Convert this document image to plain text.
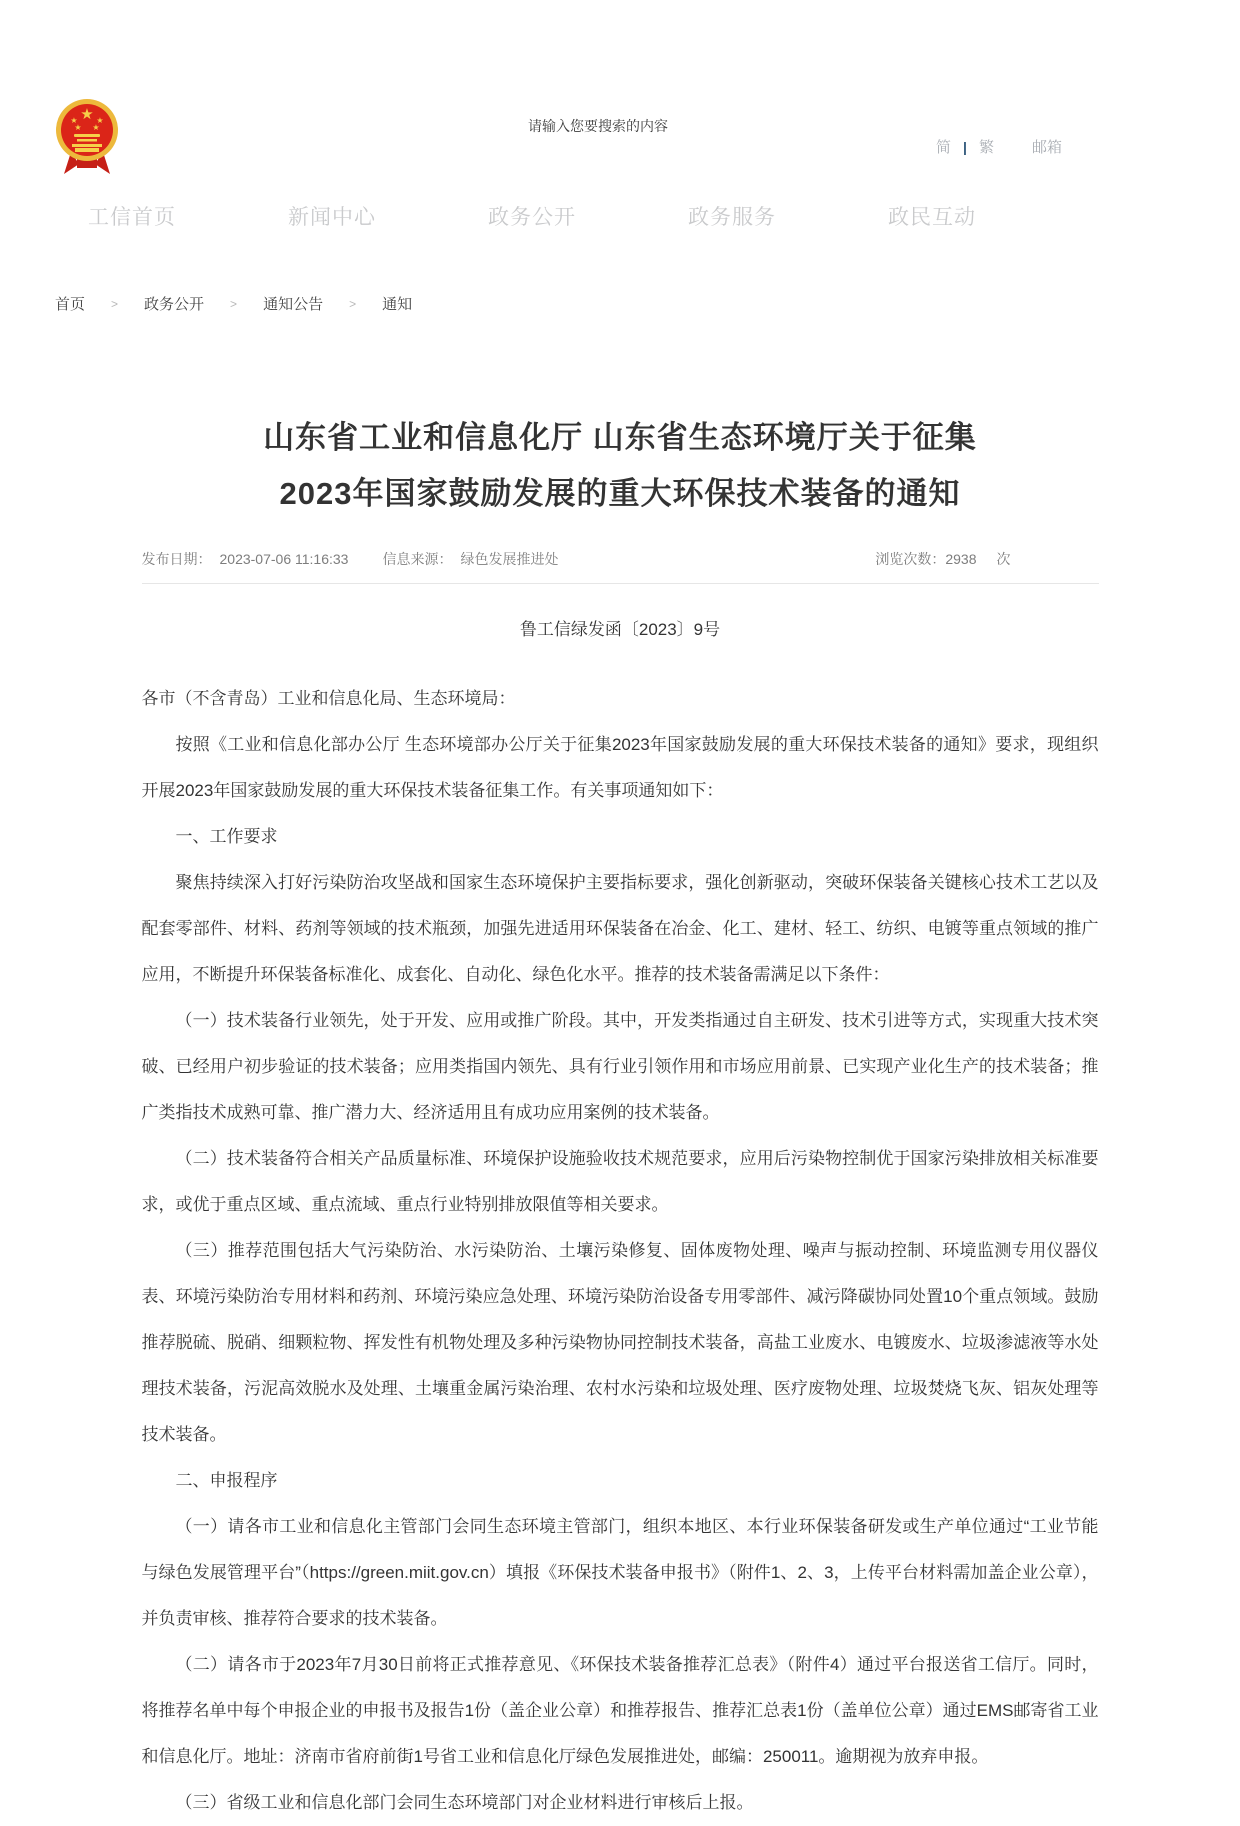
★
★ ★
★ ★
请输入您要搜索的内容
简 | 繁	邮箱
工信首页	新闻中心	政务公开	政务服务	政民互动
首页 > 政务公开 > 通知公告 > 通知
山东省工业和信息化厅 山东省生态环境厅关于征集
2023年国家鼓励发展的重大环保技术装备的通知
发布日期： 2023-07-06 11:16:33 信息来源： 绿色发展推进处	浏览次数：2938 次
鲁工信绿发函〔2023〕9号

各市（不含青岛）工业和信息化局、生态环境局：

按照《工业和信息化部办公厅 生态环境部办公厅关于征集2023年国家鼓励发展的重大环保技术装备的通知》要求，现组织开展2023年国家鼓励发展的重大环保技术装备征集工作。有关事项通知如下：

一、工作要求

聚焦持续深入打好污染防治攻坚战和国家生态环境保护主要指标要求，强化创新驱动，突破环保装备关键核心技术工艺以及配套零部件、材料、药剂等领域的技术瓶颈，加强先进适用环保装备在冶金、化工、建材、轻工、纺织、电镀等重点领域的推广应用，不断提升环保装备标准化、成套化、自动化、绿色化水平。推荐的技术装备需满足以下条件：

（一）技术装备行业领先，处于开发、应用或推广阶段。其中，开发类指通过自主研发、技术引进等方式，实现重大技术突破、已经用户初步验证的技术装备；应用类指国内领先、具有行业引领作用和市场应用前景、已实现产业化生产的技术装备；推广类指技术成熟可靠、推广潜力大、经济适用且有成功应用案例的技术装备。

（二）技术装备符合相关产品质量标准、环境保护设施验收技术规范要求，应用后污染物控制优于国家污染排放相关标准要求，或优于重点区域、重点流域、重点行业特别排放限值等相关要求。

（三）推荐范围包括大气污染防治、水污染防治、土壤污染修复、固体废物处理、噪声与振动控制、环境监测专用仪器仪表、环境污染防治专用材料和药剂、环境污染应急处理、环境污染防治设备专用零部件、减污降碳协同处置10个重点领域。鼓励推荐脱硫、脱硝、细颗粒物、挥发性有机物处理及多种污染物协同控制技术装备，高盐工业废水、电镀废水、垃圾渗滤液等水处理技术装备，污泥高效脱水及处理、土壤重金属污染治理、农村水污染和垃圾处理、医疗废物处理、垃圾焚烧飞灰、铝灰处理等技术装备。

二、申报程序

（一）请各市工业和信息化主管部门会同生态环境主管部门，组织本地区、本行业环保装备研发或生产单位通过“工业节能与绿色发展管理平台”（https://green.miit.gov.cn）填报《环保技术装备申报书》（附件1、2、3，上传平台材料需加盖企业公章），并负责审核、推荐符合要求的技术装备。

（二）请各市于2023年7月30日前将正式推荐意见、《环保技术装备推荐汇总表》（附件4）通过平台报送省工信厅。同时，将推荐名单中每个申报企业的申报书及报告1份（盖企业公章）和推荐报告、推荐汇总表1份（盖单位公章）通过EMS邮寄省工业和信息化厅。地址：济南市省府前街1号省工业和信息化厅绿色发展推进处，邮编：250011。逾期视为放弃申报。

（三）省级工业和信息化部门会同生态环境部门对企业材料进行审核后上报。
